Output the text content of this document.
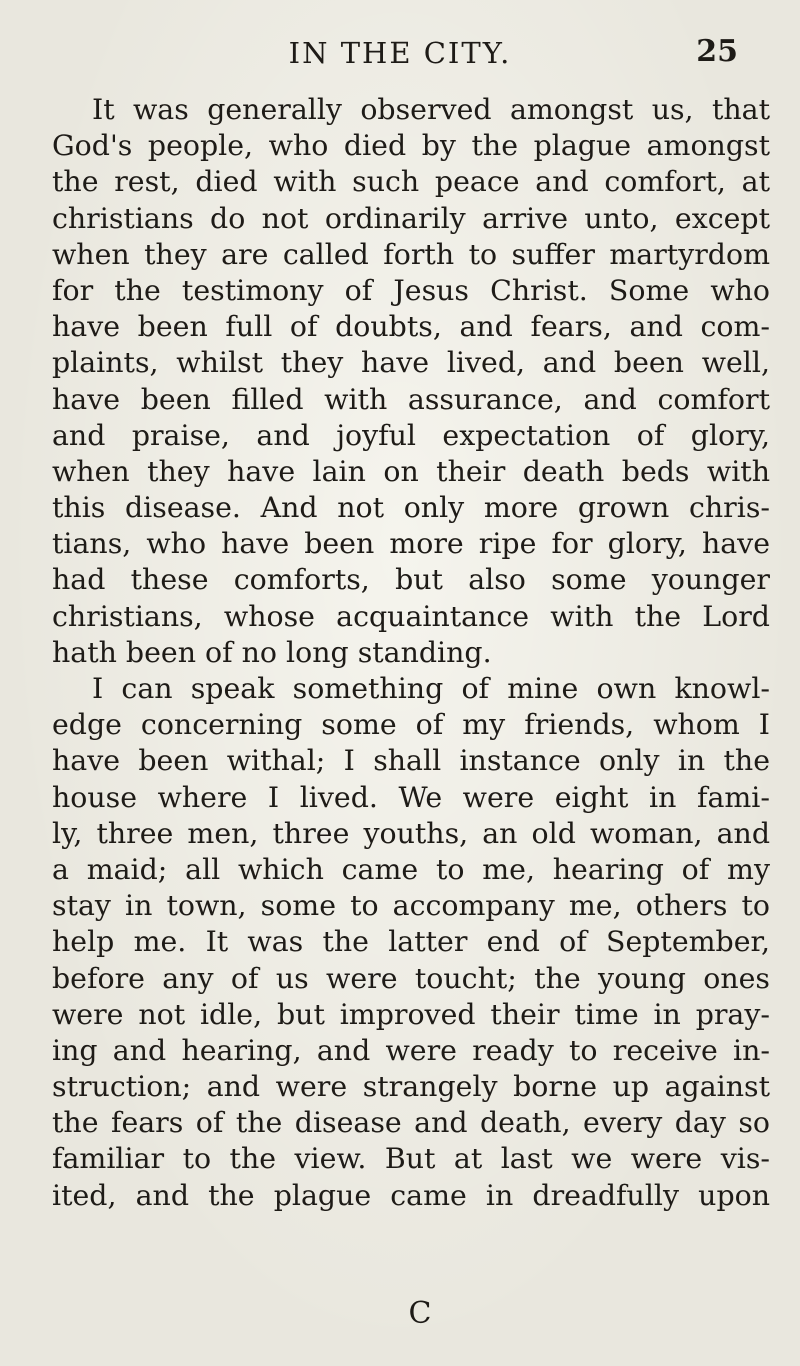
IN THE CITY.	25
It was generally observed amongst us, that
God's people, who died by the plague amongst
the rest, died with such peace and comfort, at
christians do not ordinarily arrive unto, except
when they are called forth to suffer martyrdom
for the testimony of Jesus Christ. Some who
have been full of doubts, and fears, and com-
plaints, whilst they have lived, and been well,
have been filled with assurance, and comfort
and praise, and joyful expectation of glory,
when they have lain on their death beds with
this disease. And not only more grown chris-
tians, who have been more ripe for glory, have
had these comforts, but also some younger
christians, whose acquaintance with the Lord
hath been of no long standing.
I can speak something of mine own knowl-
edge concerning some of my friends, whom I
have been withal; I shall instance only in the
house where I lived. We were eight in fami-
ly, three men, three youths, an old woman, and
a maid; all which came to me, hearing of my
stay in town, some to accompany me, others to
help me. It was the latter end of September,
before any of us were toucht; the young ones
were not idle, but improved their time in pray-
ing and hearing, and were ready to receive in-
struction; and were strangely borne up against
the fears of the disease and death, every day so
familiar to the view. But at last we were vis-
ited, and the plague came in dreadfully upon
C
